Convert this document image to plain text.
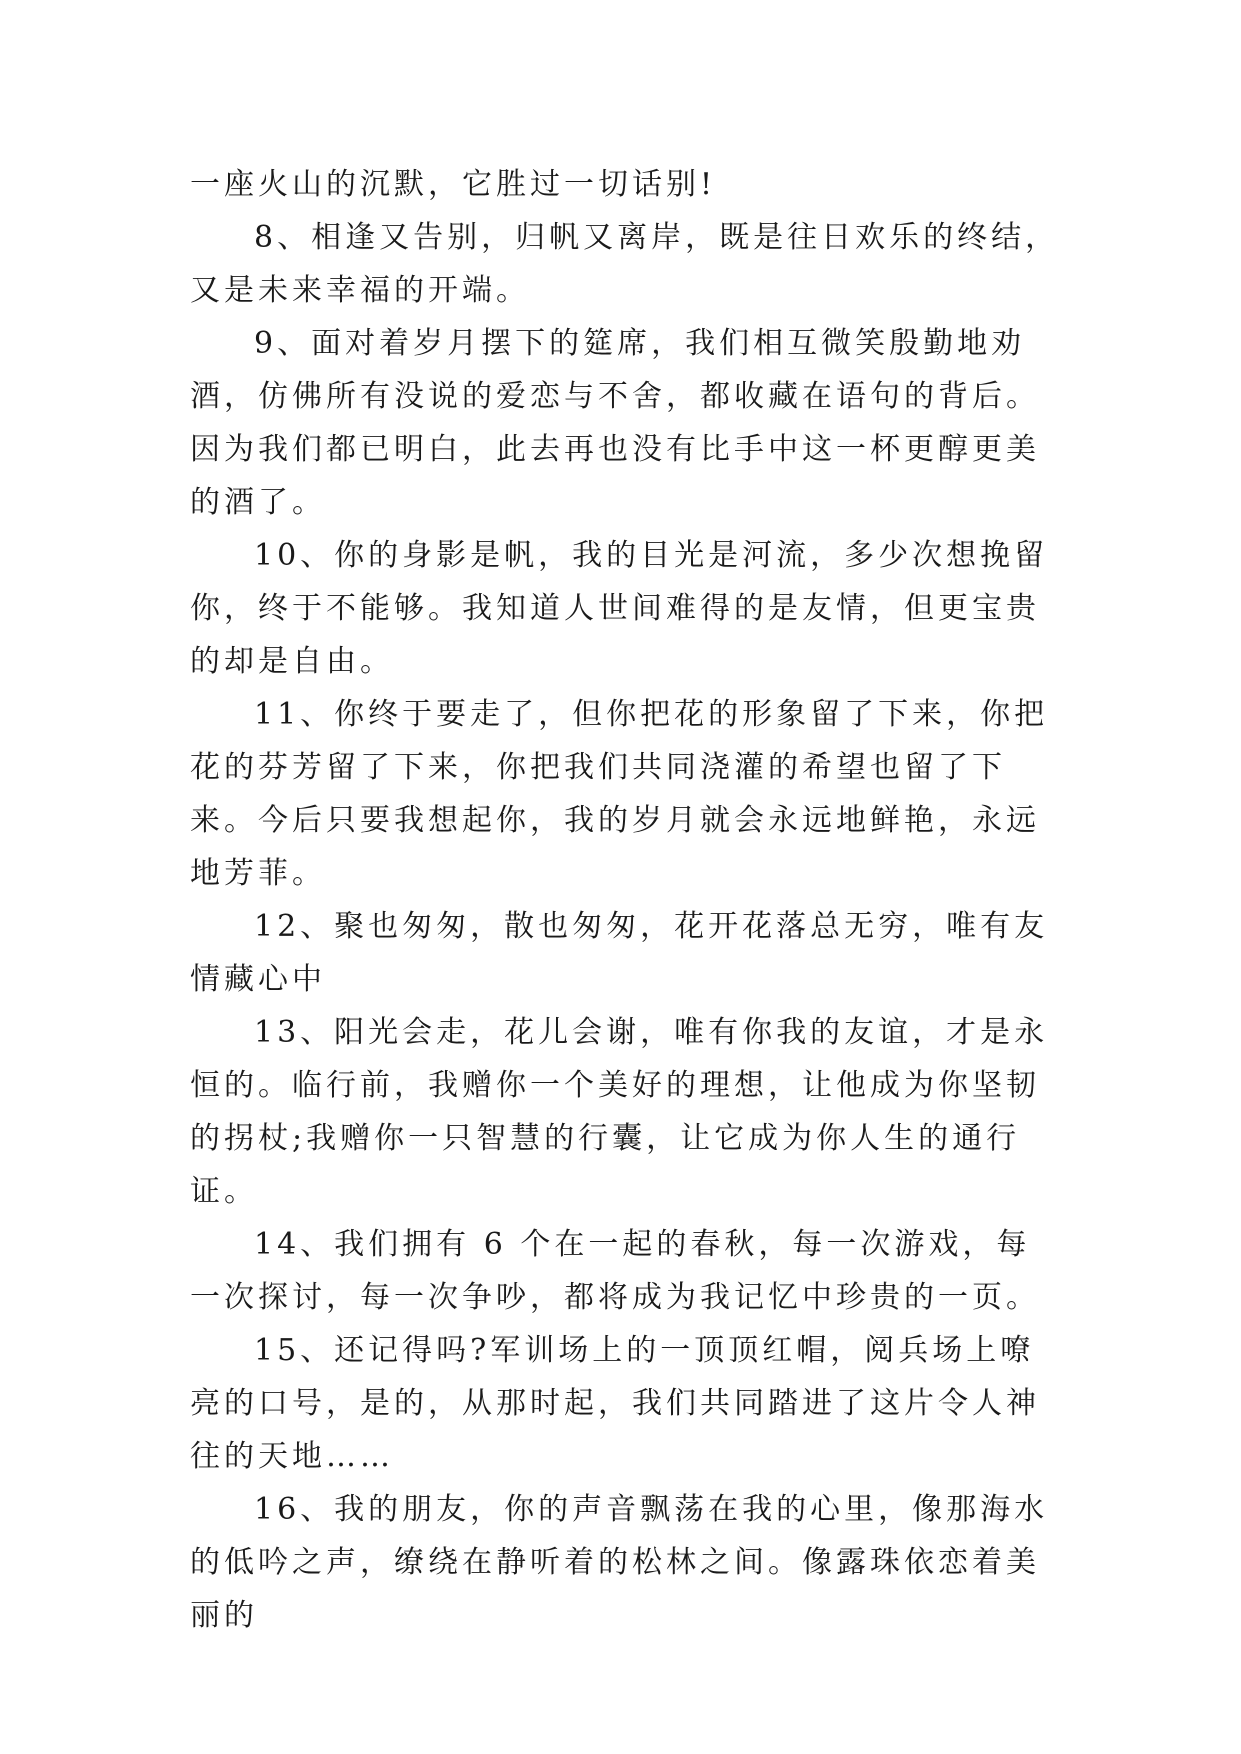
一座火山的沉默，它胜过一切话别!

8、相逢又告别，归帆又离岸，既是往日欢乐的终结，又是未来幸福的开端。

9、面对着岁月摆下的筵席，我们相互微笑殷勤地劝酒，仿佛所有没说的爱恋与不舍，都收藏在语句的背后。因为我们都已明白，此去再也没有比手中这一杯更醇更美的酒了。

10、你的身影是帆，我的目光是河流，多少次想挽留你，终于不能够。我知道人世间难得的是友情，但更宝贵的却是自由。

11、你终于要走了，但你把花的形象留了下来，你把花的芬芳留了下来，你把我们共同浇灌的希望也留了下来。今后只要我想起你，我的岁月就会永远地鲜艳，永远地芳菲。

12、聚也匆匆，散也匆匆，花开花落总无穷，唯有友情藏心中

13、阳光会走，花儿会谢，唯有你我的友谊，才是永恒的。临行前，我赠你一个美好的理想，让他成为你坚韧的拐杖;我赠你一只智慧的行囊，让它成为你人生的通行证。

14、我们拥有 6 个在一起的春秋，每一次游戏，每一次探讨，每一次争吵，都将成为我记忆中珍贵的一页。

15、还记得吗?军训场上的一顶顶红帽，阅兵场上嘹亮的口号，是的，从那时起，我们共同踏进了这片令人神往的天地……

16、我的朋友，你的声音飘荡在我的心里，像那海水的低吟之声，缭绕在静听着的松林之间。像露珠依恋着美丽的
